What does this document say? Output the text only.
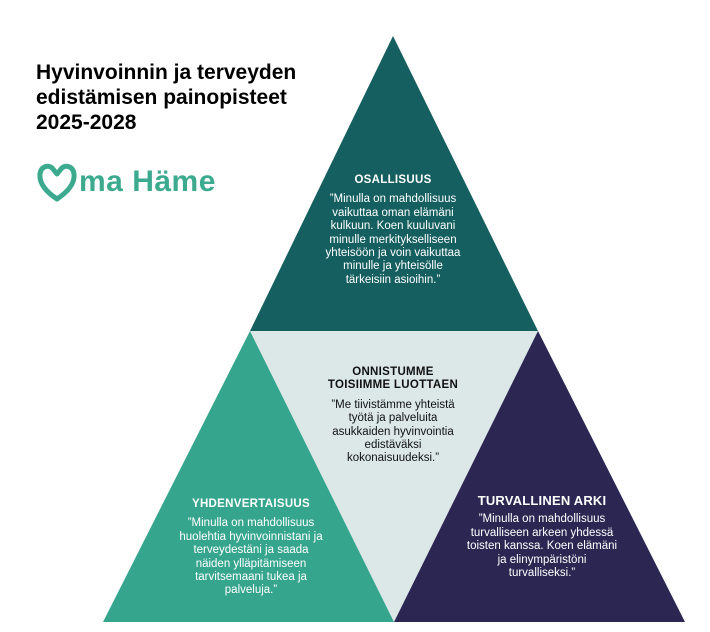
Hyvinvoinnin ja terveyden
edistämisen painopisteet
2025-2028
ma Häme	OSALLISUUS
”Minulla on mahdollisuus vaikuttaa oman elämäni kulkuun. Koen kuuluvani minulle merkitykselliseen yhteisöön ja voin vaikuttaa minulle ja yhteisölle tärkeisiin asioihin.”
ONNISTUMME TOISIIMME LUOTTAEN
”Me tiivistämme yhteistä työtä ja palveluita asukkaiden hyvinvointia edistäväksi kokonaisuudeksi.”
YHDENVERTAISUUS
”Minulla on mahdollisuus huolehtia hyvinvoinnistani ja terveydestäni ja saada näiden ylläpitämiseen tarvitsemaani tukea ja palveluja.”
TURVALLINEN ARKI
”Minulla on mahdollisuus turvalliseen arkeen yhdessä toisten kanssa. Koen elämäni ja elinympäristöni turvalliseksi.”
